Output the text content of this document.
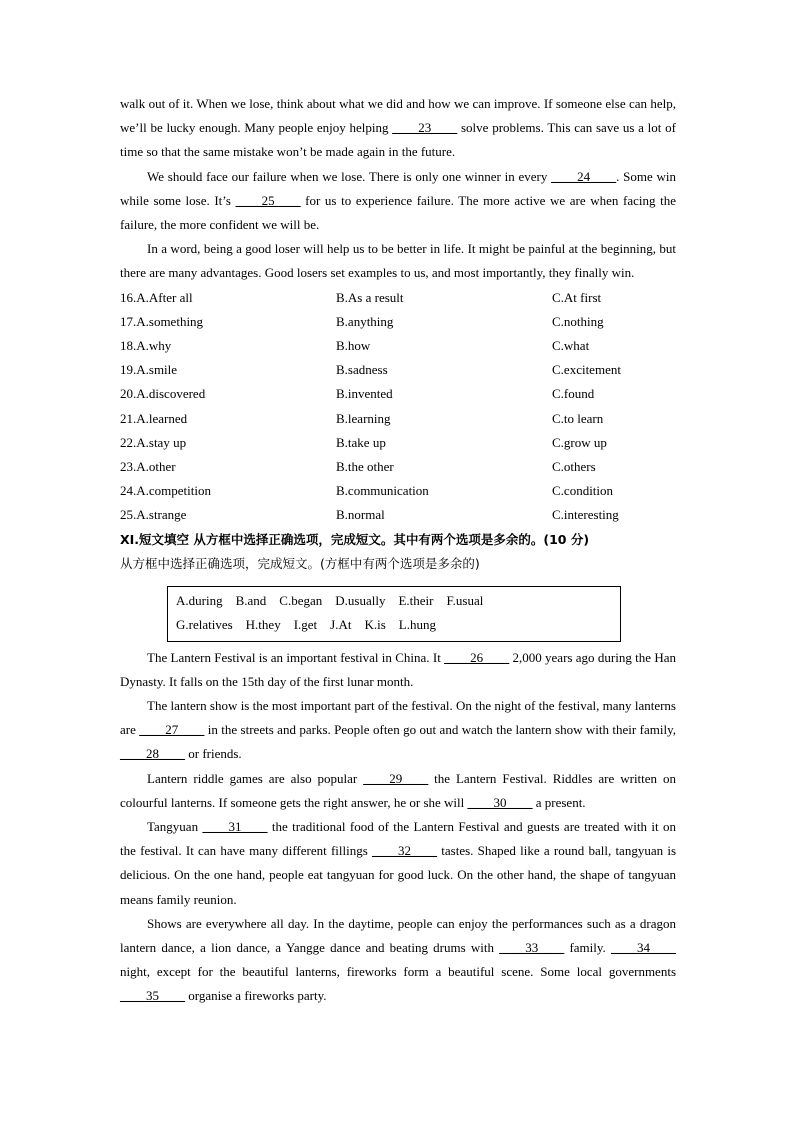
walk out of it. When we lose, think about what we did and how we can improve. If someone else can help, we’ll be lucky enough. Many people enjoy helping ____23____ solve problems. This can save us a lot of time so that the same mistake won’t be made again in the future.

We should face our failure when we lose. There is only one winner in every ____24____. Some win while some lose. It’s ____25____ for us to experience failure. The more active we are when facing the failure, the more confident we will be.

In a word, being a good loser will help us to be better in life. It might be painful at the beginning, but there are many advantages. Good losers set examples to us, and most importantly, they finally win.

16.A.After all	B.As a result	C.At first
17.A.something	B.anything	C.nothing
18.A.why	B.how	C.what
19.A.smile	B.sadness	C.excitement
20.A.discovered	B.invented	C.found
21.A.learned	B.learning	C.to learn
22.A.stay up	B.take up	C.grow up
23.A.other	B.the other	C.others
24.A.competition	B.communication	C.condition
25.A.strange	B.normal	C.interesting

XI.短文填空 从方框中选择正确选项，完成短文。其中有两个选项是多余的。(10 分)

从方框中选择正确选项，完成短文。(方框中有两个选项是多余的)

A.during B.and C.began D.usually E.their F.usual
G.relatives H.they I.get J.At K.is L.hung

The Lantern Festival is an important festival in China. It ____26____ 2,000 years ago during the Han Dynasty. It falls on the 15th day of the first lunar month.

The lantern show is the most important part of the festival. On the night of the festival, many lanterns are ____27____ in the streets and parks. People often go out and watch the lantern show with their family, ____28____ or friends.

Lantern riddle games are also popular ____29____ the Lantern Festival. Riddles are written on colourful lanterns. If someone gets the right answer, he or she will ____30____ a present.

Tangyuan ____31____ the traditional food of the Lantern Festival and guests are treated with it on the festival. It can have many different fillings ____32____ tastes. Shaped like a round ball, tangyuan is delicious. On the one hand, people eat tangyuan for good luck. On the other hand, the shape of tangyuan means family reunion.

Shows are everywhere all day. In the daytime, people can enjoy the performances such as a dragon lantern dance, a lion dance, a Yangge dance and beating drums with ____33____ family. ____34____ night, except for the beautiful lanterns, fireworks form a beautiful scene. Some local governments ____35____ organise a fireworks party.
